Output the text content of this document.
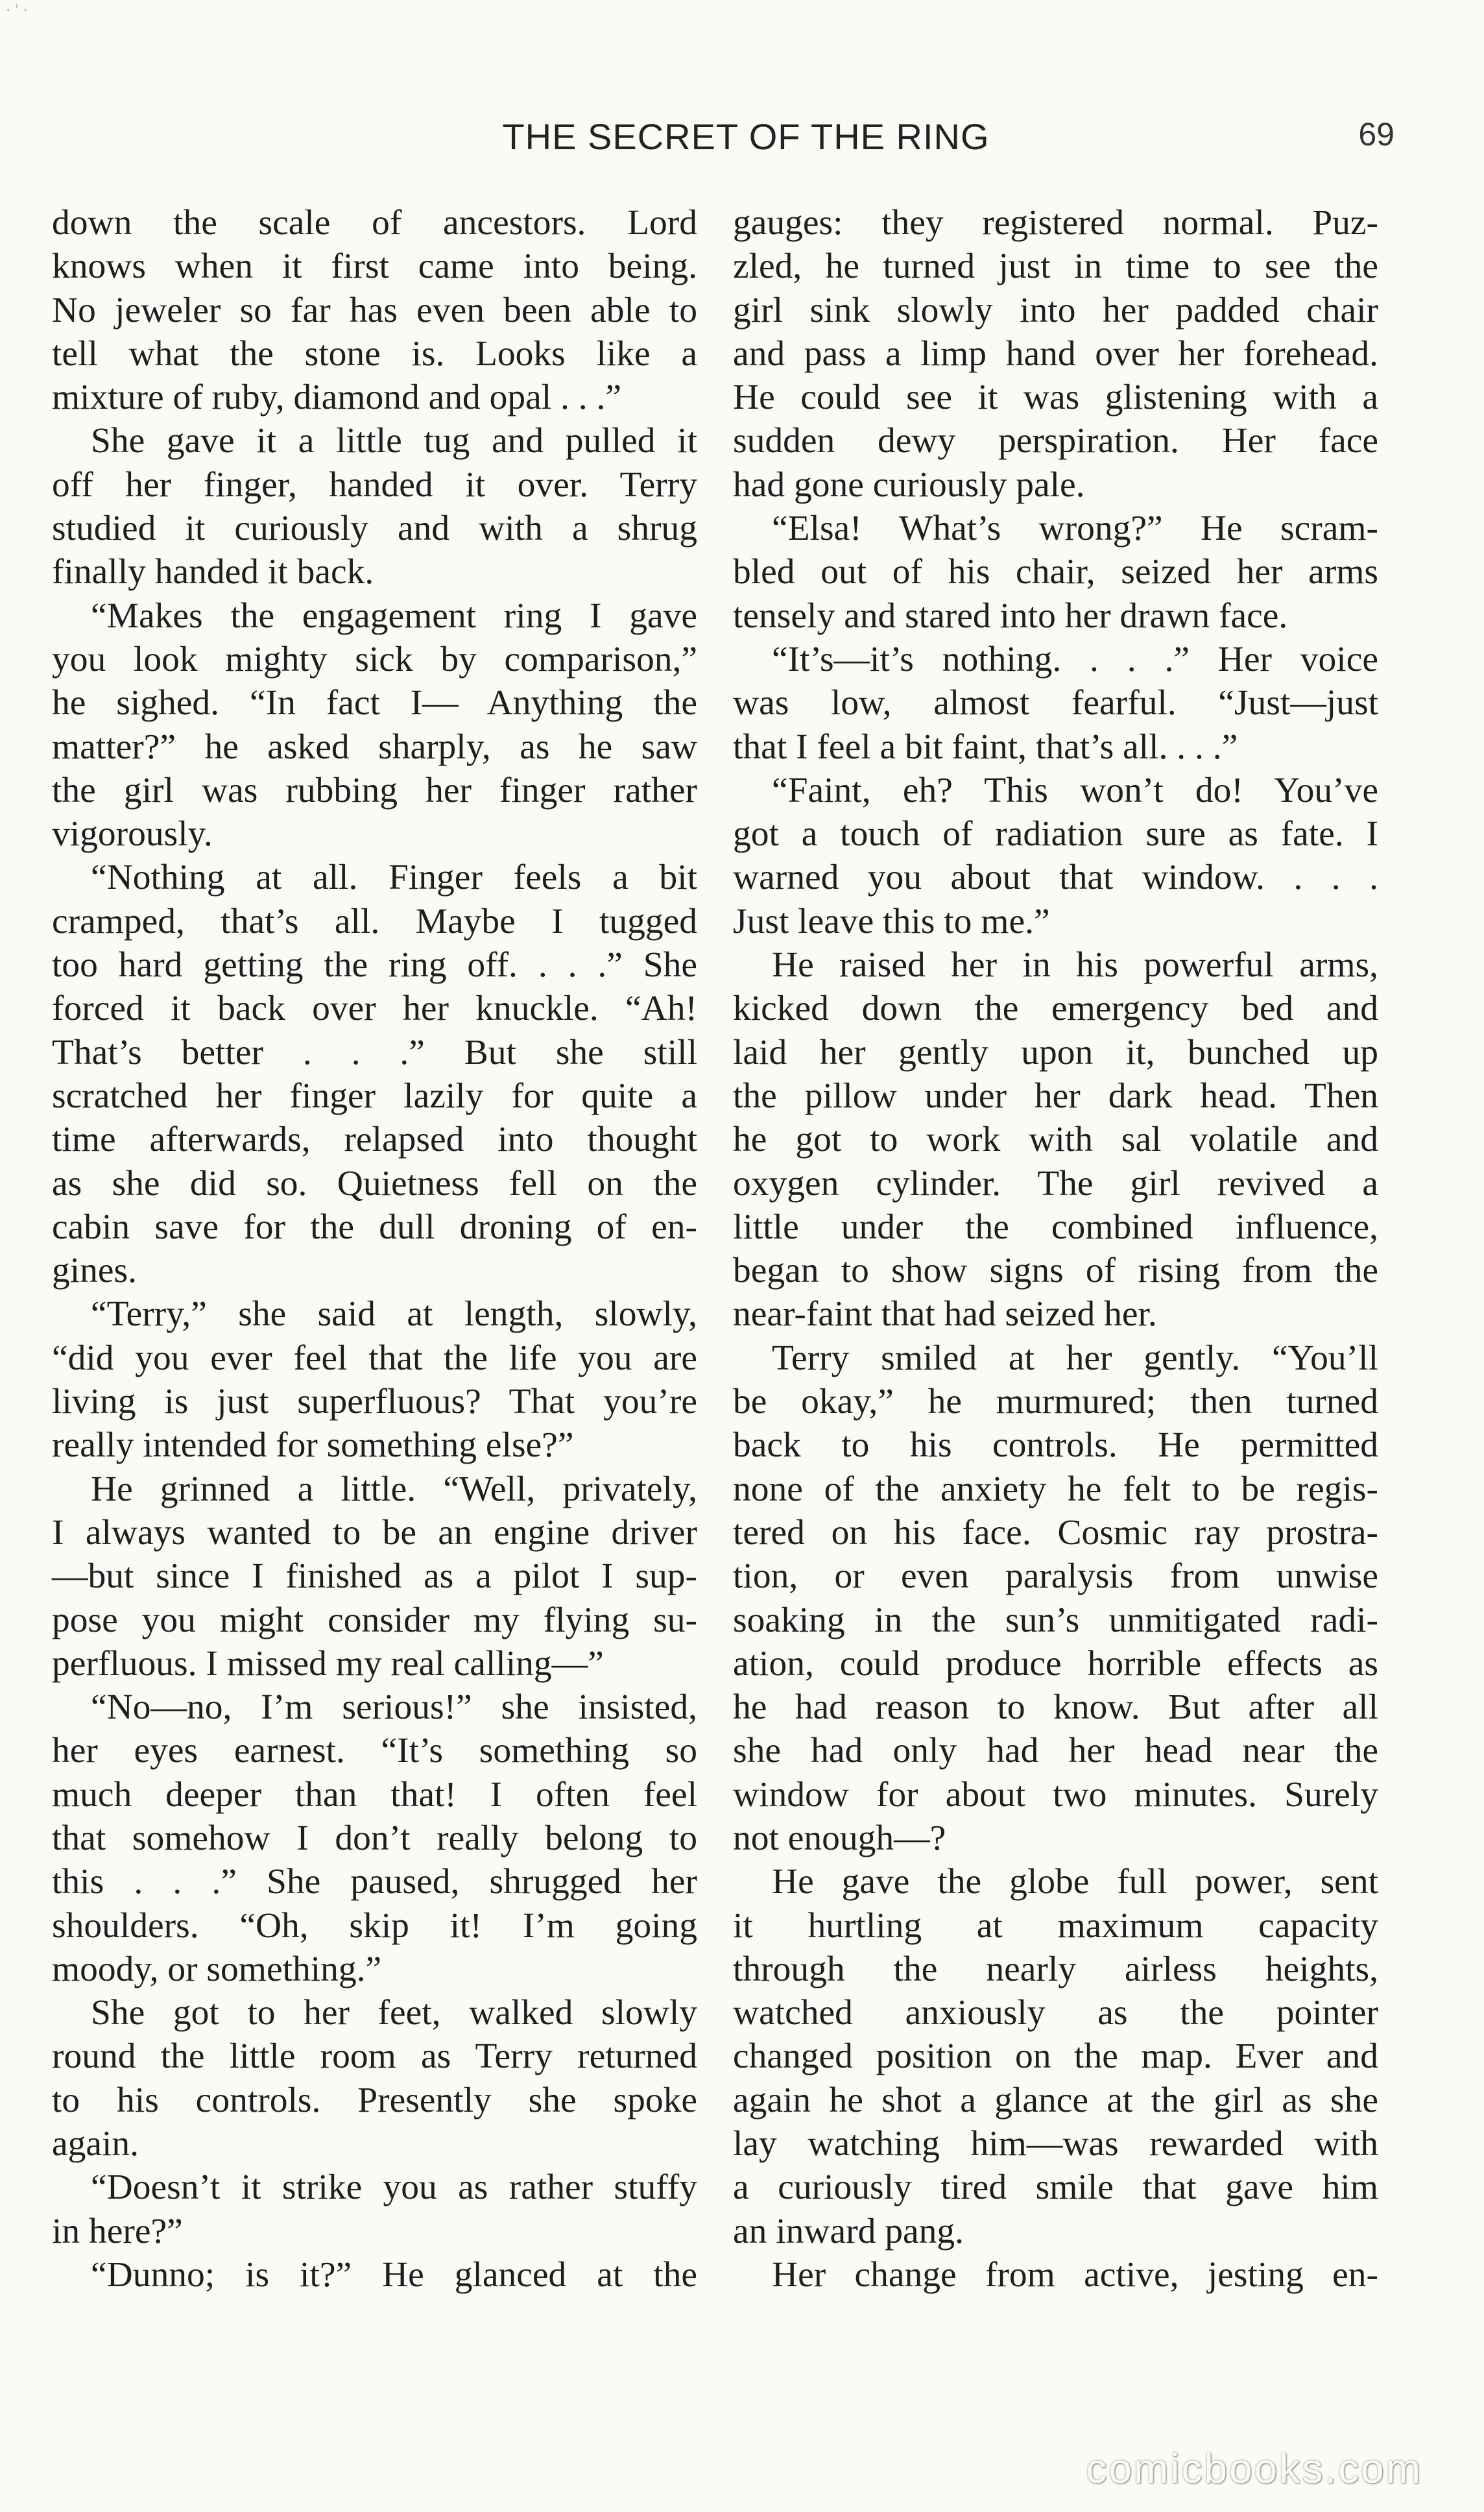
·'·
THE SECRET OF THE RING	69

down the scale of ancestors. Lord

knows when it first came into being.

No jeweler so far has even been able to

tell what the stone is. Looks like a

mixture of ruby, diamond and opal . . .”

She gave it a little tug and pulled it

off her finger, handed it over. Terry

studied it curiously and with a shrug

finally handed it back.

“Makes the engagement ring I gave

you look mighty sick by comparison,”

he sighed. “In fact I— Anything the

matter?” he asked sharply, as he saw

the girl was rubbing her finger rather

vigorously.

“Nothing at all. Finger feels a bit

cramped, that’s all. Maybe I tugged

too hard getting the ring off. . . .” She

forced it back over her knuckle. “Ah!

That’s better . . .” But she still

scratched her finger lazily for quite a

time afterwards, relapsed into thought

as she did so. Quietness fell on the

cabin save for the dull droning of en-

gines.

“Terry,” she said at length, slowly,

“did you ever feel that the life you are

living is just superfluous? That you’re

really intended for something else?”

He grinned a little. “Well, privately,

I always wanted to be an engine driver

—but since I finished as a pilot I sup-

pose you might consider my flying su-

perfluous. I missed my real calling—”

“No—no, I’m serious!” she insisted,

her eyes earnest. “It’s something so

much deeper than that! I often feel

that somehow I don’t really belong to

this . . .” She paused, shrugged her

shoulders. “Oh, skip it! I’m going

moody, or something.”

She got to her feet, walked slowly

round the little room as Terry returned

to his controls. Presently she spoke

again.

“Doesn’t it strike you as rather stuffy

in here?”

“Dunno; is it?” He glanced at the

gauges: they registered normal. Puz-

zled, he turned just in time to see the

girl sink slowly into her padded chair

and pass a limp hand over her forehead.

He could see it was glistening with a

sudden dewy perspiration. Her face

had gone curiously pale.

“Elsa! What’s wrong?” He scram-

bled out of his chair, seized her arms

tensely and stared into her drawn face.

“It’s—it’s nothing. . . .” Her voice

was low, almost fearful. “Just—just

that I feel a bit faint, that’s all. . . .”

“Faint, eh? This won’t do! You’ve

got a touch of radiation sure as fate. I

warned you about that window. . . .

Just leave this to me.”

He raised her in his powerful arms,

kicked down the emergency bed and

laid her gently upon it, bunched up

the pillow under her dark head. Then

he got to work with sal volatile and

oxygen cylinder. The girl revived a

little under the combined influence,

began to show signs of rising from the

near-faint that had seized her.

Terry smiled at her gently. “You’ll

be okay,” he murmured; then turned

back to his controls. He permitted

none of the anxiety he felt to be regis-

tered on his face. Cosmic ray prostra-

tion, or even paralysis from unwise

soaking in the sun’s unmitigated radi-

ation, could produce horrible effects as

he had reason to know. But after all

she had only had her head near the

window for about two minutes. Surely

not enough—?

He gave the globe full power, sent

it hurtling at maximum capacity

through the nearly airless heights,

watched anxiously as the pointer

changed position on the map. Ever and

again he shot a glance at the girl as she

lay watching him—was rewarded with

a curiously tired smile that gave him

an inward pang.

Her change from active, jesting en-

comicbooks.com
